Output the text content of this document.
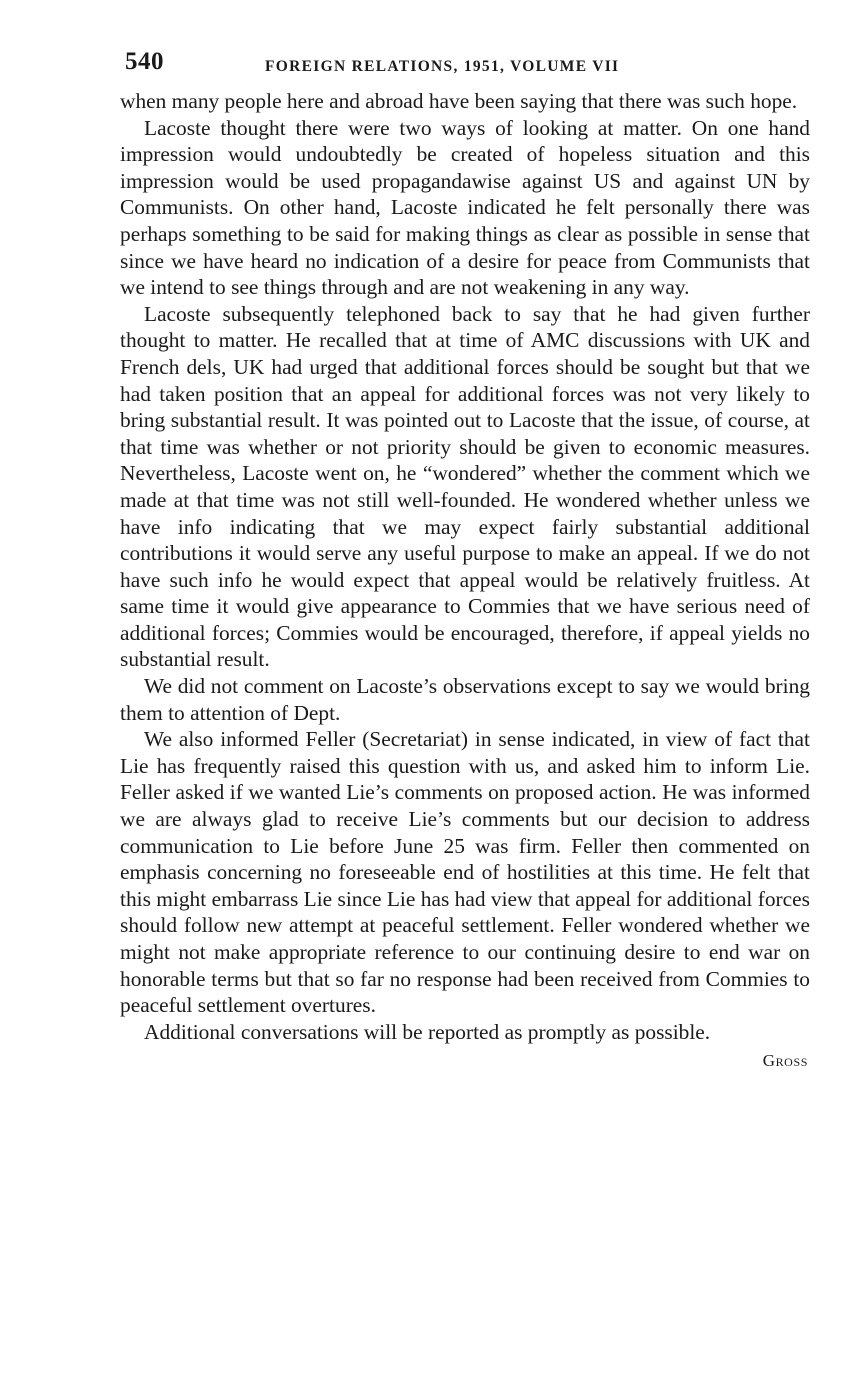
540	FOREIGN RELATIONS, 1951, VOLUME VII

when many people here and abroad have been saying that there was such hope.

Lacoste thought there were two ways of looking at matter. On one hand impression would undoubtedly be created of hopeless situation and this impression would be used propagandawise against US and against UN by Communists. On other hand, Lacoste indicated he felt personally there was perhaps something to be said for making things as clear as possible in sense that since we have heard no indication of a desire for peace from Communists that we intend to see things through and are not weakening in any way.

Lacoste subsequently telephoned back to say that he had given further thought to matter. He recalled that at time of AMC discussions with UK and French dels, UK had urged that additional forces should be sought but that we had taken position that an appeal for additional forces was not very likely to bring substantial result. It was pointed out to Lacoste that the issue, of course, at that time was whether or not priority should be given to economic measures. Nevertheless, Lacoste went on, he “wondered” whether the comment which we made at that time was not still well-founded. He wondered whether unless we have info indicating that we may expect fairly substantial additional contributions it would serve any useful purpose to make an appeal. If we do not have such info he would expect that appeal would be relatively fruitless. At same time it would give appearance to Commies that we have serious need of additional forces; Commies would be encouraged, therefore, if appeal yields no substantial result.

We did not comment on Lacoste’s observations except to say we would bring them to attention of Dept.

We also informed Feller (Secretariat) in sense indicated, in view of fact that Lie has frequently raised this question with us, and asked him to inform Lie. Feller asked if we wanted Lie’s comments on proposed action. He was informed we are always glad to receive Lie’s comments but our decision to address communication to Lie before June 25 was firm. Feller then commented on emphasis concerning no foreseeable end of hostilities at this time. He felt that this might embarrass Lie since Lie has had view that appeal for additional forces should follow new attempt at peaceful settlement. Feller wondered whether we might not make appropriate reference to our continuing desire to end war on honorable terms but that so far no response had been received from Commies to peaceful settlement overtures.

Additional conversations will be reported as promptly as possible.

Gross
